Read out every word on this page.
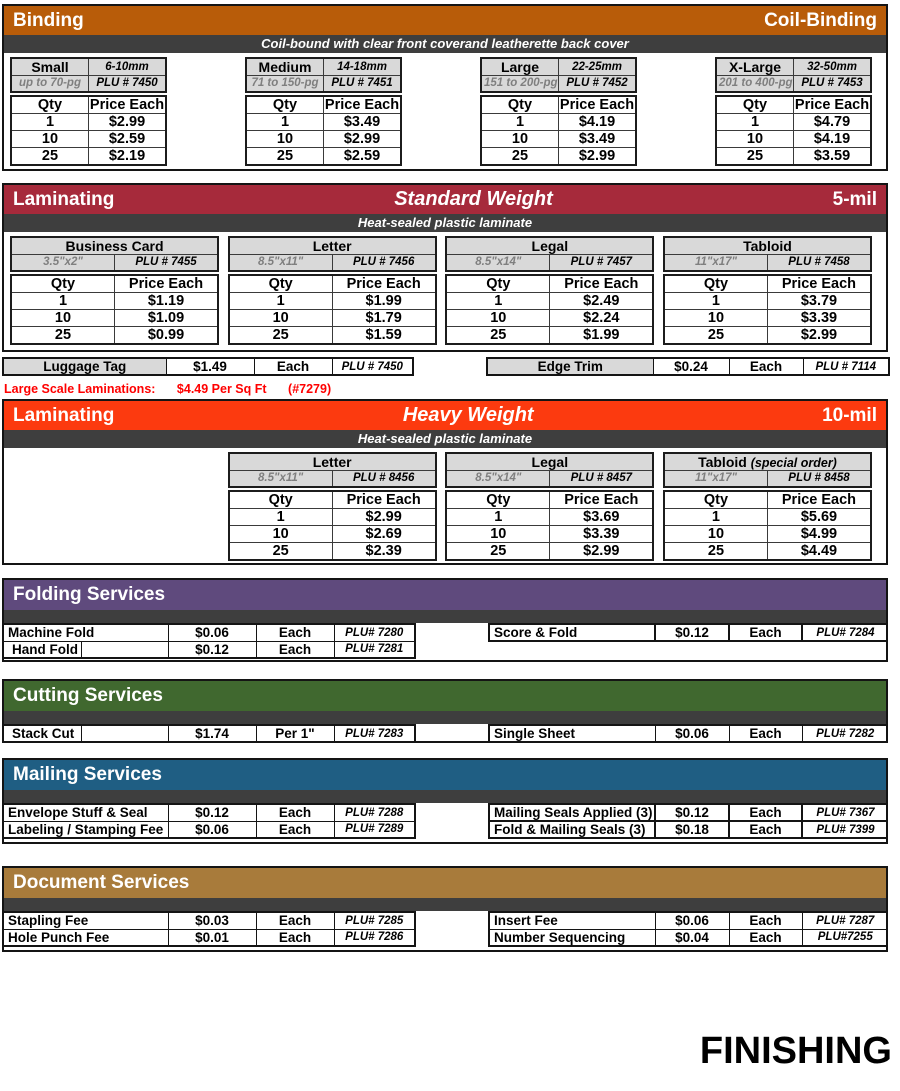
Binding	Coil-Binding
Coil-bound with clear front coverand leatherette back cover
Small	6-10mm
up to 70-pg	PLU # 7450
Qty	Price Each
1	$2.99
10	$2.59
25	$2.19
Medium	14-18mm
71 to 150-pg	PLU # 7451
Qty	Price Each
1	$3.49
10	$2.99
25	$2.59
Large	22-25mm
151 to 200-pg	PLU # 7452
Qty	Price Each
1	$4.19
10	$3.49
25	$2.99
X-Large	32-50mm
201 to 400-pg	PLU # 7453
Qty	Price Each
1	$4.79
10	$4.19
25	$3.59
Laminating	Standard Weight	5-mil
Heat-sealed plastic laminate
Business Card
3.5"x2"	PLU # 7455
Qty	Price Each
1	$1.19
10	$1.09
25	$0.99
Letter
8.5"x11"	PLU # 7456
Qty	Price Each
1	$1.99
10	$1.79
25	$1.59
Legal
8.5"x14"	PLU # 7457
Qty	Price Each
1	$2.49
10	$2.24
25	$1.99
Tabloid
11"x17"	PLU # 7458
Qty	Price Each
1	$3.79
10	$3.39
25	$2.99
Luggage Tag	$1.49	Each	PLU # 7450	Edge Trim	$0.24	Each	PLU # 7114
Large Scale Laminations: $4.49 Per Sq Ft (#7279)
Laminating	Heavy Weight	10-mil
Heat-sealed plastic laminate
Letter
8.5"x11"	PLU # 8456
Qty	Price Each
1	$2.99
10	$2.69
25	$2.39
Legal
8.5"x14"	PLU # 8457
Qty	Price Each
1	$3.69
10	$3.39
25	$2.99
Tabloid (special order)
11"x17"	PLU # 8458
Qty	Price Each
1	$5.69
10	$4.99
25	$4.49
Folding Services
Machine Fold	$0.06	Each	PLU# 7280

Hand Fold	$0.12	Each	PLU# 7281
Score & Fold	$0.12	Each	PLU# 7284
Cutting Services
Stack Cut	$1.74	Per 1"	PLU# 7283	Single Sheet	$0.06	Each	PLU# 7282
Mailing Services
Envelope Stuff & Seal	$0.12	Each	PLU# 7288
Labeling / Stamping Fee	$0.06	Each	PLU# 7289
Mailing Seals Applied (3)	$0.12	Each	PLU# 7367
Fold & Mailing Seals (3)	$0.18	Each	PLU# 7399
Document Services
Stapling Fee	$0.03	Each	PLU# 7285
Hole Punch Fee	$0.01	Each	PLU# 7286
Insert Fee	$0.06	Each	PLU# 7287
Number Sequencing	$0.04	Each	PLU#7255
FINISHING
